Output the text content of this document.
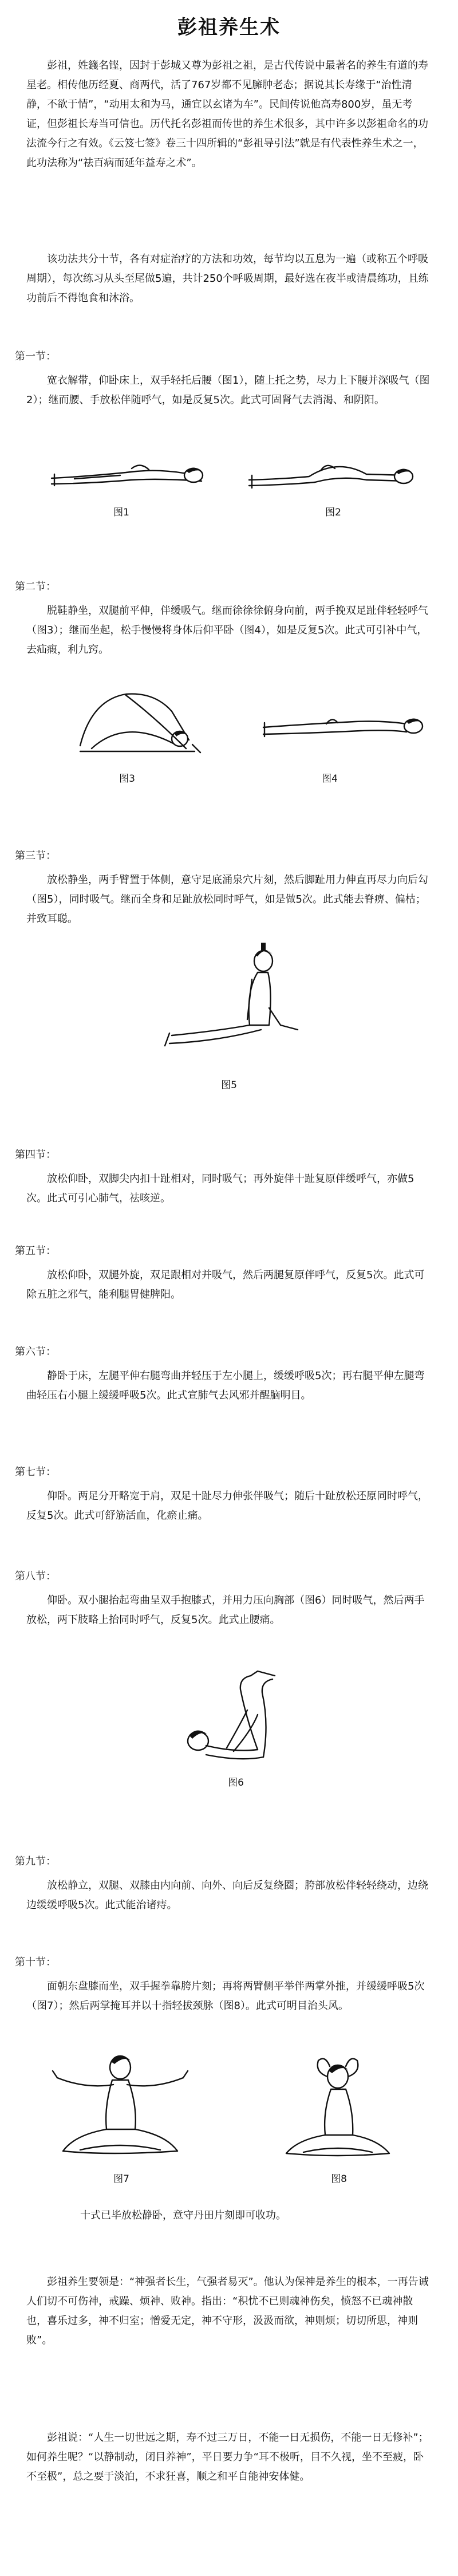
彭祖养生术

彭祖，姓籛名铿，因封于彭城又尊为彭祖之祖，是古代传说中最著名的养生有道的寿星老。相传他历经夏、商两代，活了767岁都不见臃肿老态；据说其长寿缘于“治性清静，不欲于情”，“动用太和为马，通宜以玄诸为车”。民间传说他高寿800岁，虽无考证，但彭祖长寿当可信也。历代托名彭祖而传世的养生术很多，其中许多以彭祖命名的功法流今行之有效。《云笈七签》卷三十四所辑的“彭祖导引法”就是有代表性养生术之一，此功法称为“祛百病而延年益寿之术”。

该功法共分十节，各有对症治疗的方法和功效，每节均以五息为一遍（或称五个呼吸周期），每次练习从头至尾做5遍，共计250个呼吸周期，最好选在夜半或清晨练功，且练功前后不得饱食和沐浴。

第一节：

宽衣解带，仰卧床上，双手轻托后腰（图1），随上托之势，尽力上下腰并深吸气（图2）；继而腰、手放松伴随呼气，如是反复5次。此式可固肾气去消渴、和阴阳。

图1	图2
第二节：

脱鞋静坐，双腿前平伸，伴缓吸气。继而徐徐徐俯身向前，两手挽双足趾伴轻轻呼气（图3）；继而坐起，松手慢慢将身体后仰平卧（图4），如是反复5次。此式可引补中气，去疝瘕，利九窍。

图3	图4
第三节：

放松静坐，两手臂置于体侧，意守足底涌泉穴片刻，然后脚趾用力伸直再尽力向后勾（图5），同时吸气。继而全身和足趾放松同时呼气，如是做5次。此式能去脊痹、偏枯；并致耳聪。

图5
第四节：

放松仰卧，双脚尖内扣十趾相对，同时吸气；再外旋伴十趾复原伴缓呼气，亦做5次。此式可引心肺气，祛咳逆。

第五节：

放松仰卧，双腿外旋，双足跟相对并吸气，然后两腿复原伴呼气，反复5次。此式可除五脏之邪气，能利腿胃健脾阳。

第六节：

静卧于床，左腿平伸右腿弯曲并轻压于左小腿上，缓缓呼吸5次；再右腿平伸左腿弯曲轻压右小腿上缓缓呼吸5次。此式宣肺气去风邪并醒脑明目。

第七节：

仰卧。两足分开略宽于肩，双足十趾尽力伸张伴吸气；随后十趾放松还原同时呼气，反复5次。此式可舒筋活血，化瘀止痛。

第八节：

仰卧。双小腿抬起弯曲呈双手抱膝式，并用力压向胸部（图6）同时吸气，然后两手放松，两下肢略上抬同时呼气，反复5次。此式止腰痛。

图6
第九节：

放松静立，双腿、双膝由内向前、向外、向后反复绕圈；胯部放松伴轻轻绕动，边绕边缓缓呼吸5次。此式能治诸痔。

第十节：

面朝东盘膝而坐，双手握拳靠胯片刻；再将两臂侧平举伴两掌外推，并缓缓呼吸5次（图7）；然后两掌掩耳并以十指轻拔颈脉（图8）。此式可明目治头风。

图7	图8

十式已毕放松静卧，意守丹田片刻即可收功。

彭祖养生要领是：“神强者长生，气强者易灭”。他认为保神是养生的根本，一再告诫人们切不可伤神，戒躁、烦神、败神。指出：“积忧不已则魂神伤矣，愤怒不已魂神散也，喜乐过多，神不归室；憎爱无定，神不守形，汲汲而欲，神则烦；切切所思，神则败”。

彭祖说：“人生一切世远之期，寿不过三万日，不能一日无损伤，不能一日无修补”；如何养生呢？“以静制动，闭目养神”，平日要力争“耳不极听，目不久视，坐不至疲，卧不至极”，总之要于淡泊，不求狂喜，顺之和平自能神安体健。
